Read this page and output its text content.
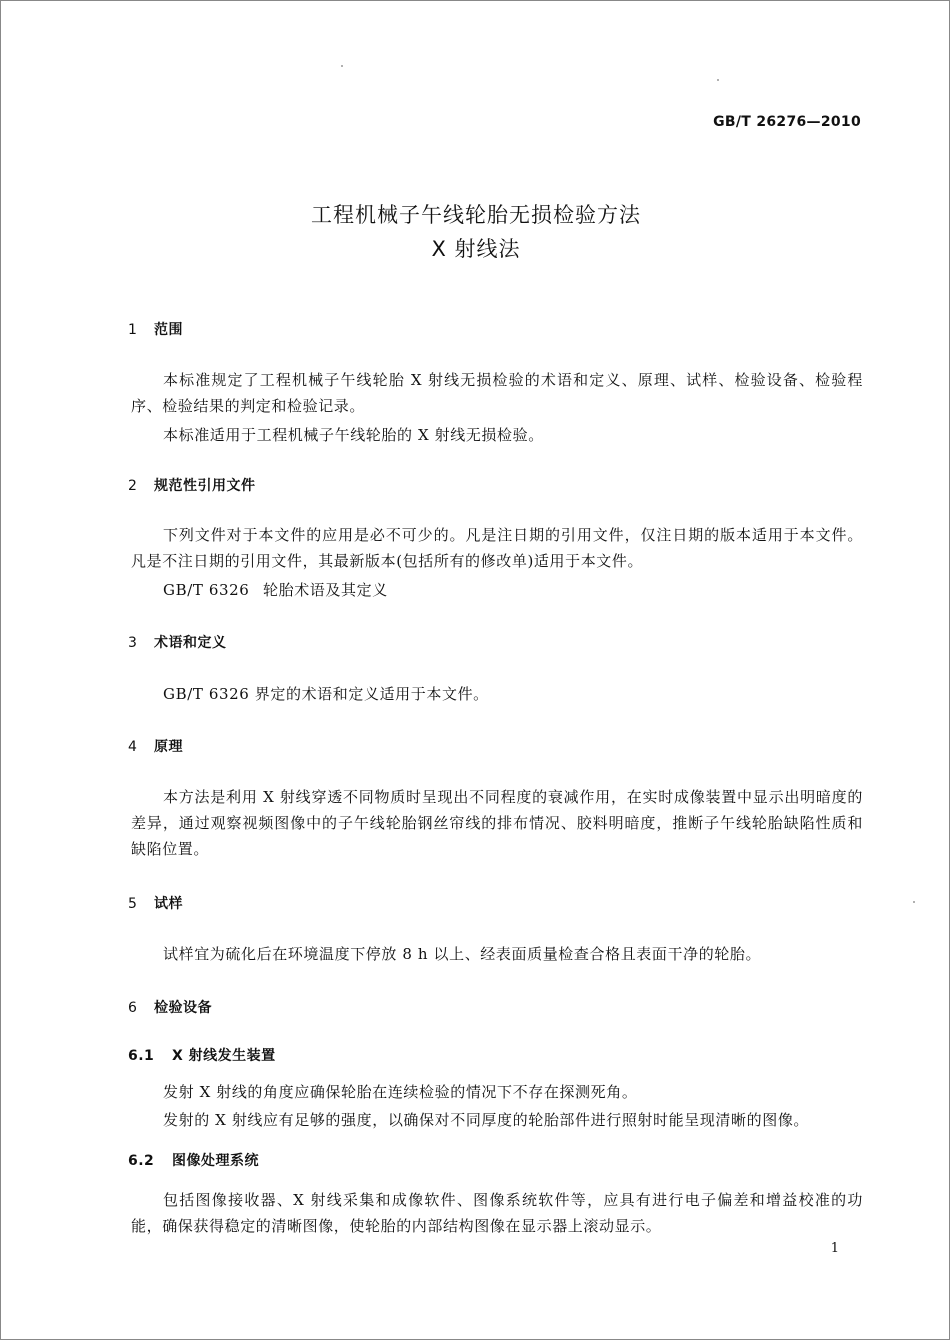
GB/T 26276—2010
工程机械子午线轮胎无损检验方法
X 射线法
1 范围
本标准规定了工程机械子午线轮胎 X 射线无损检验的术语和定义、原理、试样、检验设备、检验程序、检验结果的判定和检验记录。
本标准适用于工程机械子午线轮胎的 X 射线无损检验。
2 规范性引用文件
下列文件对于本文件的应用是必不可少的。凡是注日期的引用文件，仅注日期的版本适用于本文件。凡是不注日期的引用文件，其最新版本(包括所有的修改单)适用于本文件。
GB/T 6326 轮胎术语及其定义
3 术语和定义
GB/T 6326 界定的术语和定义适用于本文件。
4 原理
本方法是利用 X 射线穿透不同物质时呈现出不同程度的衰减作用，在实时成像装置中显示出明暗度的差异，通过观察视频图像中的子午线轮胎钢丝帘线的排布情况、胶料明暗度，推断子午线轮胎缺陷性质和缺陷位置。
5 试样
试样宜为硫化后在环境温度下停放 8 h 以上、经表面质量检查合格且表面干净的轮胎。
6 检验设备
6.1 X 射线发生装置
发射 X 射线的角度应确保轮胎在连续检验的情况下不存在探测死角。
发射的 X 射线应有足够的强度，以确保对不同厚度的轮胎部件进行照射时能呈现清晰的图像。
6.2 图像处理系统
包括图像接收器、X 射线采集和成像软件、图像系统软件等，应具有进行电子偏差和增益校准的功能，确保获得稳定的清晰图像，使轮胎的内部结构图像在显示器上滚动显示。
1
